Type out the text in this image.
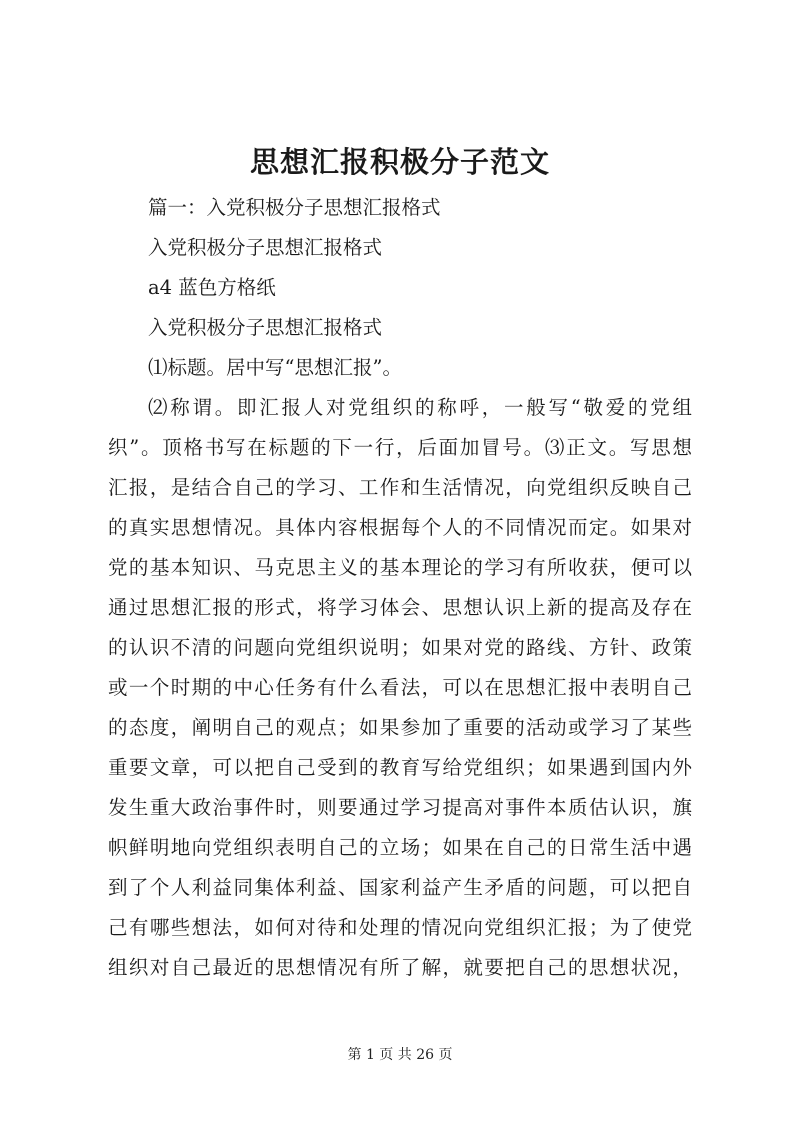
思想汇报积极分子范文
篇一：入党积极分子思想汇报格式
入党积极分子思想汇报格式
a4 蓝色方格纸
入党积极分子思想汇报格式
⑴标题。居中写“思想汇报”。
⑵称谓。即汇报人对党组织的称呼，一般写“敬爱的党组
织”。顶格书写在标题的下一行，后面加冒号。⑶正文。写思想
汇报，是结合自己的学习、工作和生活情况，向党组织反映自己
的真实思想情况。具体内容根据每个人的不同情况而定。如果对
党的基本知识、马克思主义的基本理论的学习有所收获，便可以
通过思想汇报的形式，将学习体会、思想认识上新的提高及存在
的认识不清的问题向党组织说明；如果对党的路线、方针、政策
或一个时期的中心任务有什么看法，可以在思想汇报中表明自己
的态度，阐明自己的观点；如果参加了重要的活动或学习了某些
重要文章，可以把自己受到的教育写给党组织；如果遇到国内外
发生重大政治事件时，则要通过学习提高对事件本质估认识，旗
帜鲜明地向党组织表明自己的立场；如果在自己的日常生活中遇
到了个人利益同集体利益、国家利益产生矛盾的问题，可以把自
己有哪些想法，如何对待和处理的情况向党组织汇报；为了使党
组织对自己最近的思想情况有所了解，就要把自己的思想状况，
第 1 页 共 26 页
